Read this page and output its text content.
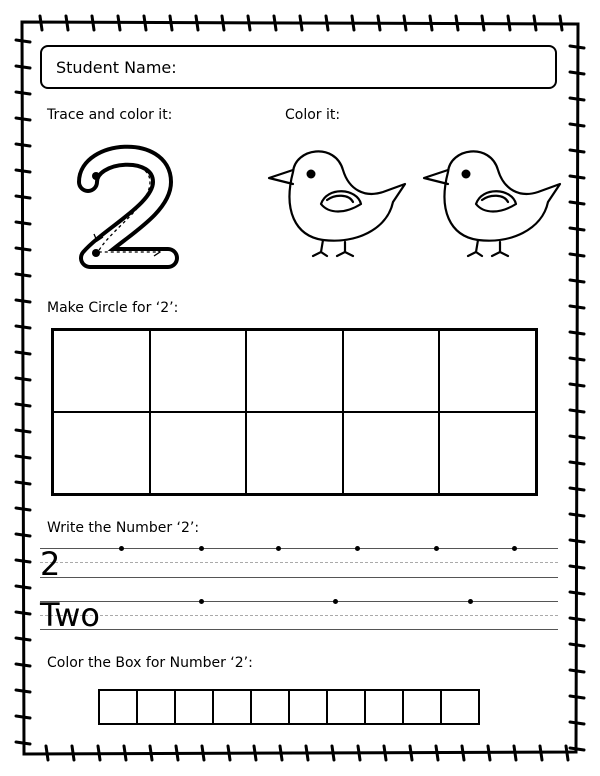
Student Name:
Trace and color it:	Color it:
Make Circle for ‘2’:
Write the Number ‘2’:
2
Two
Color the Box for Number ‘2’:
